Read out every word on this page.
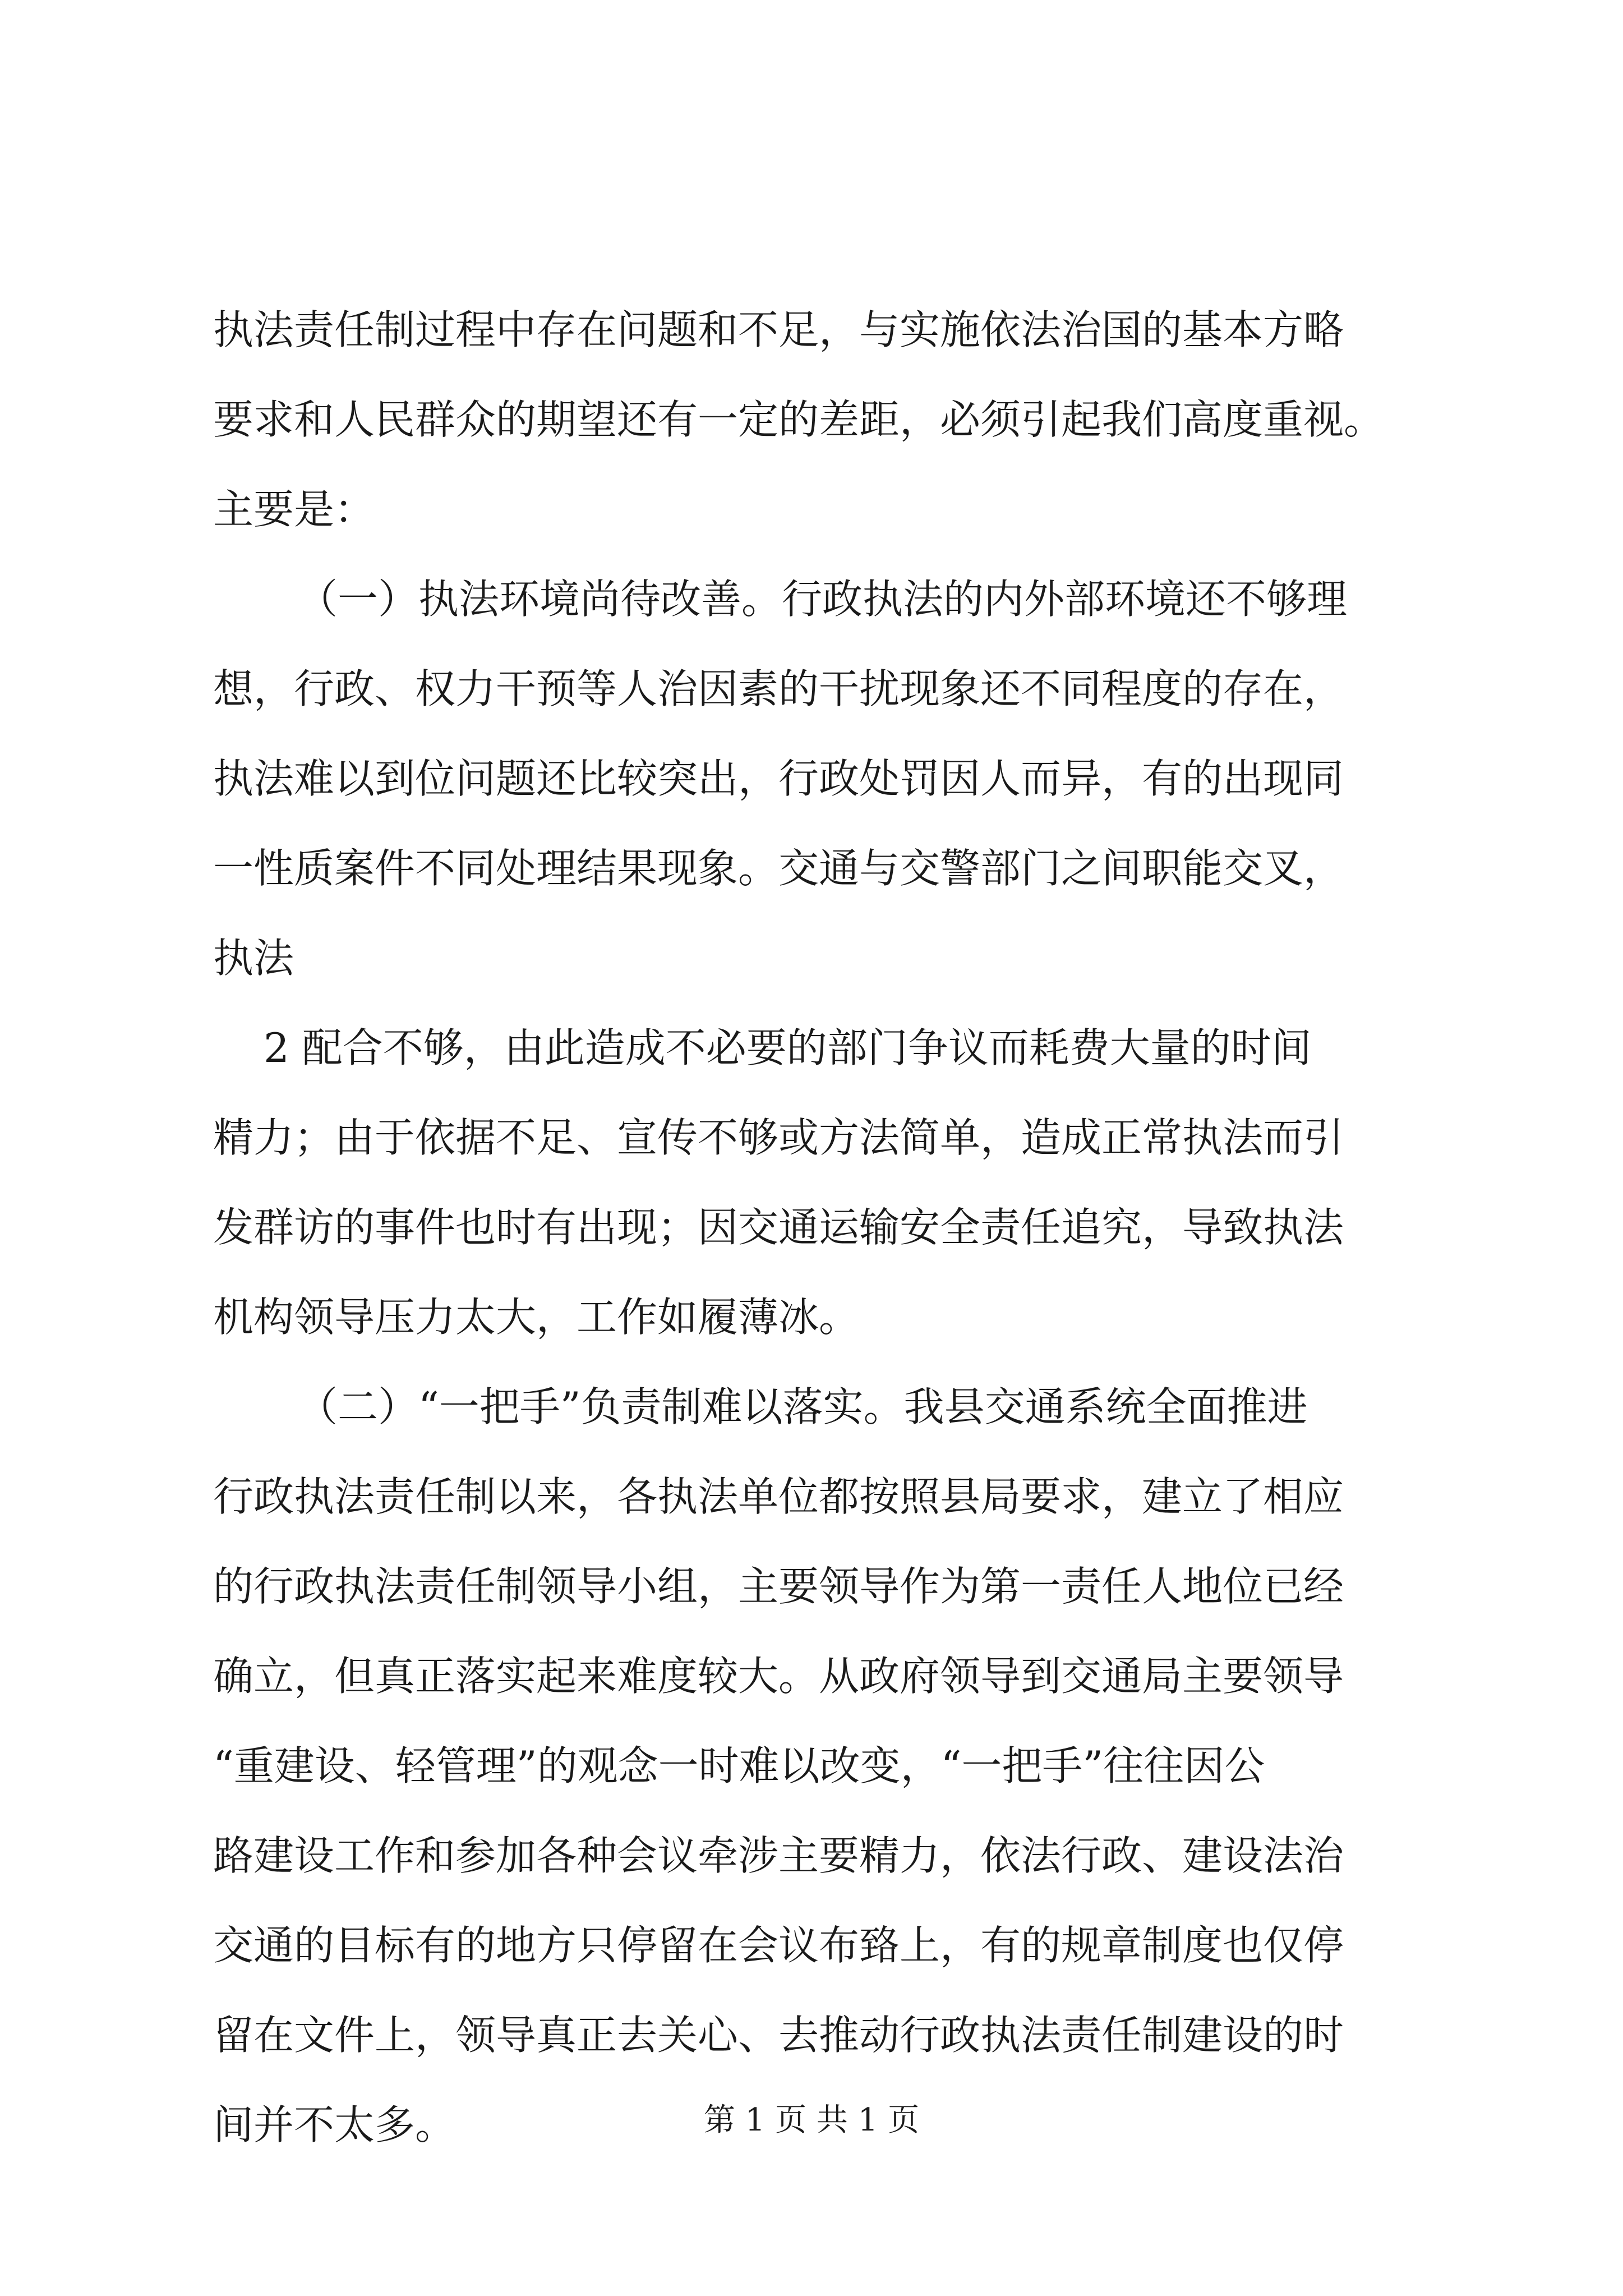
执法责任制过程中存在问题和不足，与实施依法治国的基本方略
要求和人民群众的期望还有一定的差距，必须引起我们高度重视。
主要是：
（一）执法环境尚待改善。行政执法的内外部环境还不够理
想，行政、权力干预等人治因素的干扰现象还不同程度的存在，
执法难以到位问题还比较突出，行政处罚因人而异，有的出现同
一性质案件不同处理结果现象。交通与交警部门之间职能交叉，
执法
2 配合不够，由此造成不必要的部门争议而耗费大量的时间
精力；由于依据不足、宣传不够或方法简单，造成正常执法而引
发群访的事件也时有出现；因交通运输安全责任追究，导致执法
机构领导压力太大，工作如履薄冰。
（二）“一把手”负责制难以落实。我县交通系统全面推进
行政执法责任制以来，各执法单位都按照县局要求，建立了相应
的行政执法责任制领导小组，主要领导作为第一责任人地位已经
确立，但真正落实起来难度较大。从政府领导到交通局主要领导
“重建设、轻管理”的观念一时难以改变，“一把手”往往因公
路建设工作和参加各种会议牵涉主要精力，依法行政、建设法治
交通的目标有的地方只停留在会议布臵上，有的规章制度也仅停
留在文件上，领导真正去关心、去推动行政执法责任制建设的时
间并不太多。	第 1 页 共 1 页
